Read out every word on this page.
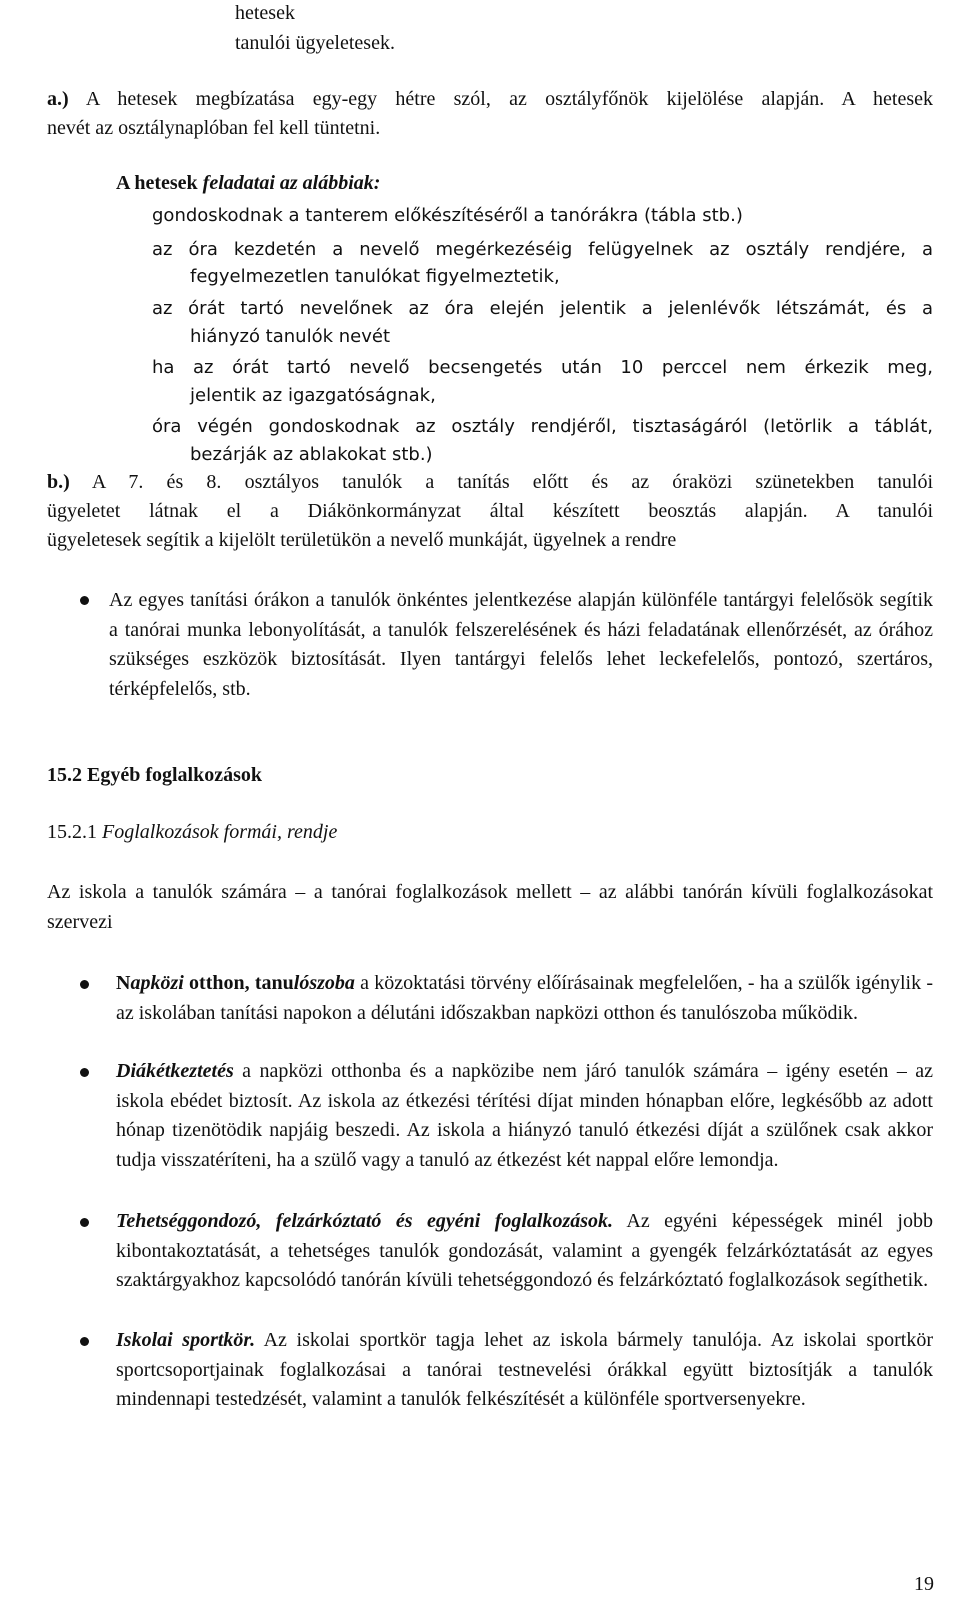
hetesek
tanulói ügyeletesek.
a.) A hetesek megbízatása egy-egy hétre szól, az osztályfőnök kijelölése alapján. A hetesek
nevét az osztálynaplóban fel kell tüntetni.
A hetesek feladatai az alábbiak:
gondoskodnak a tanterem előkészítéséről a tanórákra (tábla stb.)
az óra kezdetén a nevelő megérkezéséig felügyelnek az osztály rendjére, a
fegyelmezetlen tanulókat figyelmeztetik,
az órát tartó nevelőnek az óra elején jelentik a jelenlévők létszámát, és a
hiányzó tanulók nevét
ha az órát tartó nevelő becsengetés után 10 perccel nem érkezik meg,
jelentik az igazgatóságnak,
óra végén gondoskodnak az osztály rendjéről, tisztaságáról (letörlik a táblát,
bezárják az ablakokat stb.)
b.) A 7. és 8. osztályos tanulók a tanítás előtt és az óraközi szünetekben tanulói
ügyeletet látnak el a Diákönkormányzat által készített beosztás alapján. A tanulói
ügyeletesek segítik a kijelölt területükön a nevelő munkáját, ügyelnek a rendre
Az egyes tanítási órákon a tanulók önkéntes jelentkezése alapján különféle tantárgyi felelősök segítik a tanórai munka lebonyolítását, a tanulók felszerelésének és házi feladatának ellenőrzését, az órához szükséges eszközök biztosítását. Ilyen tantárgyi felelős lehet leckefelelős, pontozó, szertáros, térképfelelős, stb.
15.2 Egyéb foglalkozások
15.2.1 Foglalkozások formái, rendje
Az iskola a tanulók számára – a tanórai foglalkozások mellett – az alábbi tanórán kívüli foglalkozásokat szervezi
Napközi otthon, tanulószoba a közoktatási törvény előírásainak megfelelően, - ha a szülők igénylik - az iskolában tanítási napokon a délutáni időszakban napközi otthon és tanulószoba működik.
Diákétkeztetés a napközi otthonba és a napközibe nem járó tanulók számára – igény esetén – az iskola ebédet biztosít. Az iskola az étkezési térítési díjat minden hónapban előre, legkésőbb az adott hónap tizenötödik napjáig beszedi. Az iskola a hiányzó tanuló étkezési díját a szülőnek csak akkor tudja visszatéríteni, ha a szülő vagy a tanuló az étkezést két nappal előre lemondja.
Tehetséggondozó, felzárkóztató és egyéni foglalkozások. Az egyéni képességek minél jobb kibontakoztatását, a tehetséges tanulók gondozását, valamint a gyengék felzárkóztatását az egyes szaktárgyakhoz kapcsolódó tanórán kívüli tehetséggondozó és felzárkóztató foglalkozások segíthetik.
Iskolai sportkör. Az iskolai sportkör tagja lehet az iskola bármely tanulója. Az iskolai sportkör sportcsoportjainak foglalkozásai a tanórai testnevelési órákkal együtt biztosítják a tanulók mindennapi testedzését, valamint a tanulók felkészítését a különféle sportversenyekre.
19
